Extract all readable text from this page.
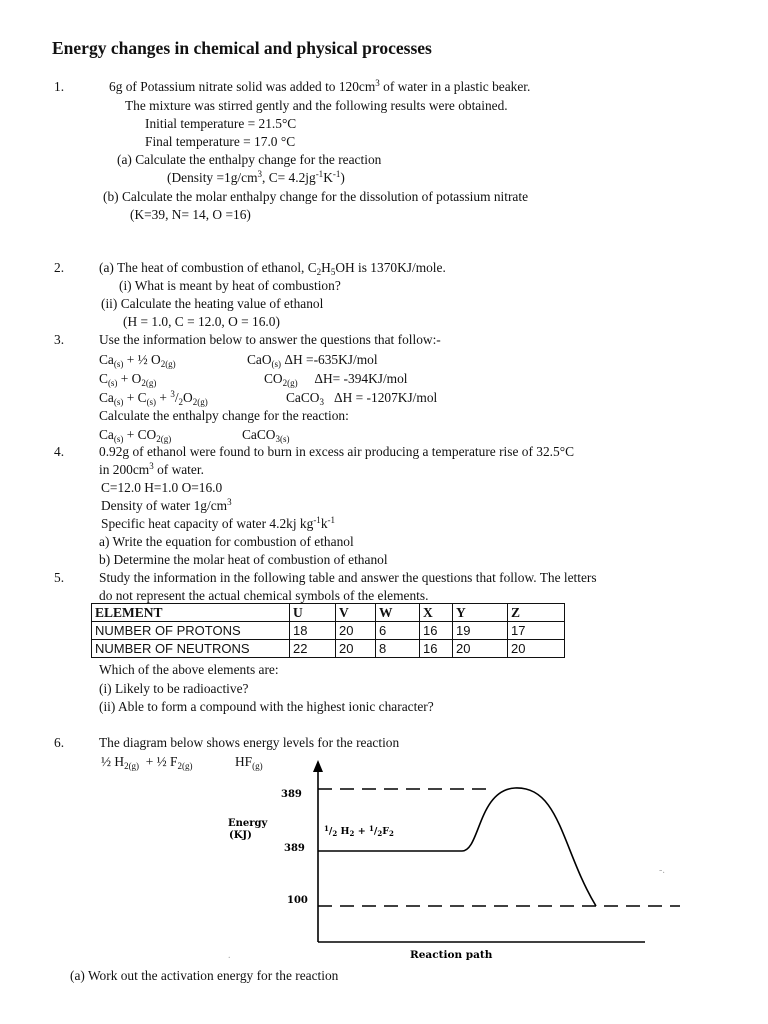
Energy changes in chemical and physical processes
1.	6g of Potassium nitrate solid was added to $120cm^3$ of water in a plastic beaker.
The mixture was stirred gently and the following results were obtained.
Initial temperature = 21.5°C
Final temperature = 17.0 °C
(a) Calculate the enthalpy change for the reaction
(Density $=1g/cm^3$, $C= 4.2jg^{-1}K^{-1}$)
(b) Calculate the molar enthalpy change for the dissolution of potassium nitrate
(K=39, N= 14, O =16)
2.	(a) The heat of combustion of ethanol, $C_2H_5OH$ is 1370KJ/mole.
(i) What is meant by heat of combustion?
(ii) Calculate the heating value of ethanol
(H = 1.0, C = 12.0, O = 16.0)
3.	Use the information below to answer the questions that follow:-
$Ca_{(s)}$ + ½ $O_{2(g)}$	CaO$_{(s)}$ ΔH =-635KJ/mol
$C_{(s)} + O_{2(g)}$	$CO_{2(g)}$ ΔH= -394KJ/mol
$Ca_{(s)} + C_{(s)} + ^3/_2O_{2(g)}$	CaCO$_3$ ΔH = -1207KJ/mol
Calculate the enthalpy change for the reaction:
$Ca_{(s)} + CO_{2(g)}$	CaCO$_{3(s)}$
4.	0.92g of ethanol were found to burn in excess air producing a temperature rise of 32.5°C
in $200cm^3$ of water.
C=12.0 H=1.0 O=16.0
Density of water $1g/cm^3$
Specific heat capacity of water 4.2kj $kg^{-1}k^{-1}$
a) Write the equation for combustion of ethanol
b) Determine the molar heat of combustion of ethanol
5.	Study the information in the following table and answer the questions that follow. The letters
do not represent the actual chemical symbols of the elements.
ELEMENT	U	V	W	X	Y	Z
NUMBER OF PROTONS	18	20	6	16	19	17
NUMBER OF NEUTRONS	22	20	8	16	20	20
Which of the above elements are:
(i) Likely to be radioactive?
(ii) Able to form a compound with the highest ionic character?
6.	The diagram below shows energy levels for the reaction
½ $H_{2(g)}$  + ½ $F_{2(g)}$	$HF_{(g)}$
389
Energy
(KJ)
389
$^1/_2$ $H_2 + ^1/_2F_2$
100
Reaction path
-.
.
(a) Work out the activation energy for the reaction
